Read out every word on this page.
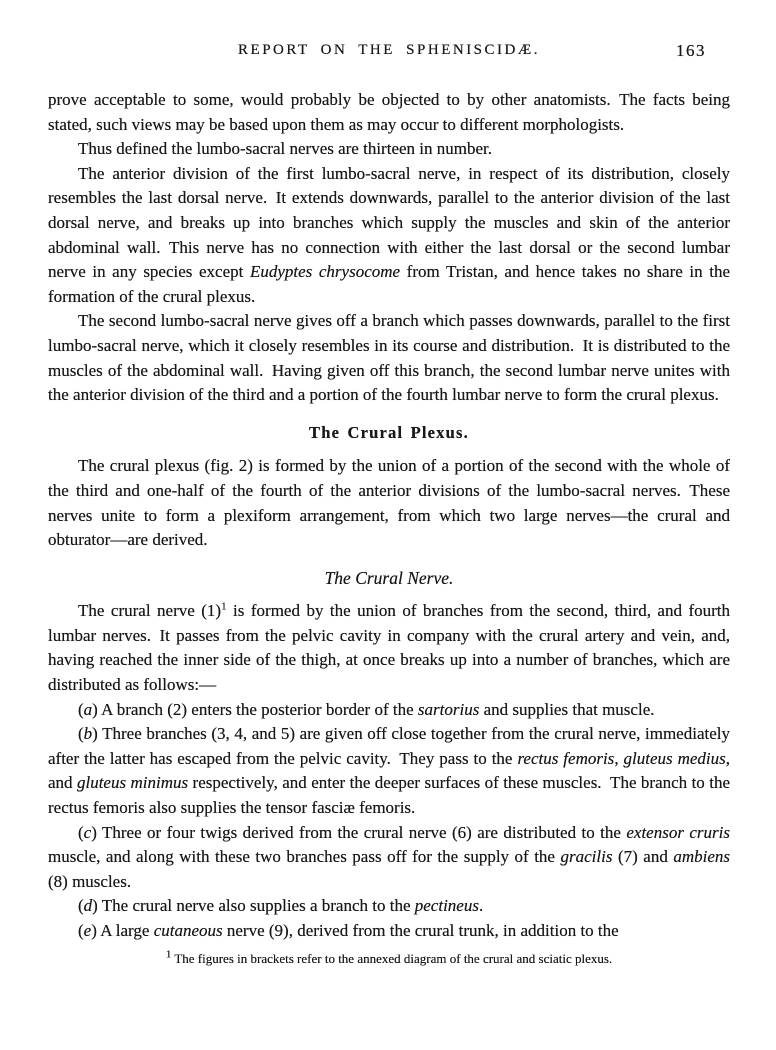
REPORT ON THE SPHENISCIDÆ.	163

prove acceptable to some, would probably be objected to by other anatomists. The facts being stated, such views may be based upon them as may occur to different morphologists.

Thus defined the lumbo-sacral nerves are thirteen in number.

The anterior division of the first lumbo-sacral nerve, in respect of its distribution, closely resembles the last dorsal nerve. It extends downwards, parallel to the anterior division of the last dorsal nerve, and breaks up into branches which supply the muscles and skin of the anterior abdominal wall. This nerve has no connection with either the last dorsal or the second lumbar nerve in any species except Eudyptes chrysocome from Tristan, and hence takes no share in the formation of the crural plexus.

The second lumbo-sacral nerve gives off a branch which passes downwards, parallel to the first lumbo-sacral nerve, which it closely resembles in its course and distribution. It is distributed to the muscles of the abdominal wall. Having given off this branch, the second lumbar nerve unites with the anterior division of the third and a portion of the fourth lumbar nerve to form the crural plexus.

The Crural Plexus.

The crural plexus (fig. 2) is formed by the union of a portion of the second with the whole of the third and one-half of the fourth of the anterior divisions of the lumbo-sacral nerves. These nerves unite to form a plexiform arrangement, from which two large nerves—the crural and obturator—are derived.

The Crural Nerve.

The crural nerve $(1)^1$ is formed by the union of branches from the second, third, and fourth lumbar nerves. It passes from the pelvic cavity in company with the crural artery and vein, and, having reached the inner side of the thigh, at once breaks up into a number of branches, which are distributed as follows:—

(a) A branch (2) enters the posterior border of the sartorius and supplies that muscle.

(b) Three branches (3, 4, and 5) are given off close together from the crural nerve, immediately after the latter has escaped from the pelvic cavity. They pass to the rectus femoris, gluteus medius, and gluteus minimus respectively, and enter the deeper surfaces of these muscles. The branch to the rectus femoris also supplies the tensor fasciæ femoris.

(c) Three or four twigs derived from the crural nerve (6) are distributed to the extensor cruris muscle, and along with these two branches pass off for the supply of the gracilis (7) and ambiens (8) muscles.

(d) The crural nerve also supplies a branch to the pectineus.

(e) A large cutaneous nerve (9), derived from the crural trunk, in addition to the

$^1$ The figures in brackets refer to the annexed diagram of the crural and sciatic plexus.
